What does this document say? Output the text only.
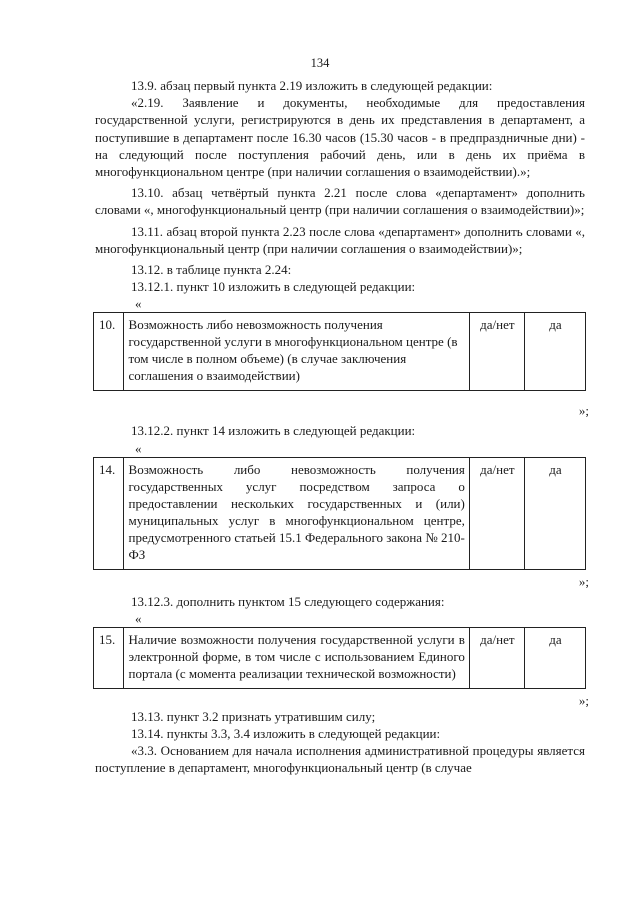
134

13.9. абзац первый пункта 2.19 изложить в следующей редакции:

«2.19. Заявление и документы, необходимые для предоставления государственной услуги, регистрируются в день их представления в департамент, а поступившие в департамент после 16.30 часов (15.30 часов - в предпраздничные дни) - на следующий после поступления рабочий день, или в день их приёма в многофункциональном центре (при наличии соглашения о взаимодействии).»;

13.10. абзац четвёртый пункта 2.21 после слова «департамент» дополнить словами «, многофункциональный центр (при наличии соглашения о взаимодействии)»;

13.11. абзац второй пункта 2.23 после слова «департамент» дополнить словами «, многофункциональный центр (при наличии соглашения о взаимодействии)»;

13.12. в таблице пункта 2.24:

13.12.1. пункт 10 изложить в следующей редакции:

«

10.	Возможность либо невозможность получения государственной услуги в многофункциональном центре (в том числе в полном объеме) (в случае заключения соглашения о взаимодействии)	да/нет	да

»;

13.12.2. пункт 14 изложить в следующей редакции:

«

14.	Возможность либо невозможность получения государственных услуг посредством запроса о предоставлении нескольких государственных и (или) муниципальных услуг в многофункциональном центре, предусмотренного статьей 15.1 Федерального закона № 210-ФЗ	да/нет	да

»;

13.12.3. дополнить пунктом 15 следующего содержания:

«

15.	Наличие возможности получения государственной услуги в электронной форме, в том числе с использованием Единого портала (с момента реализации технической возможности)	да/нет	да

»;

13.13. пункт 3.2 признать утратившим силу;

13.14. пункты 3.3, 3.4 изложить в следующей редакции:

«3.3. Основанием для начала исполнения административной процедуры является поступление в департамент, многофункциональный центр (в случае
